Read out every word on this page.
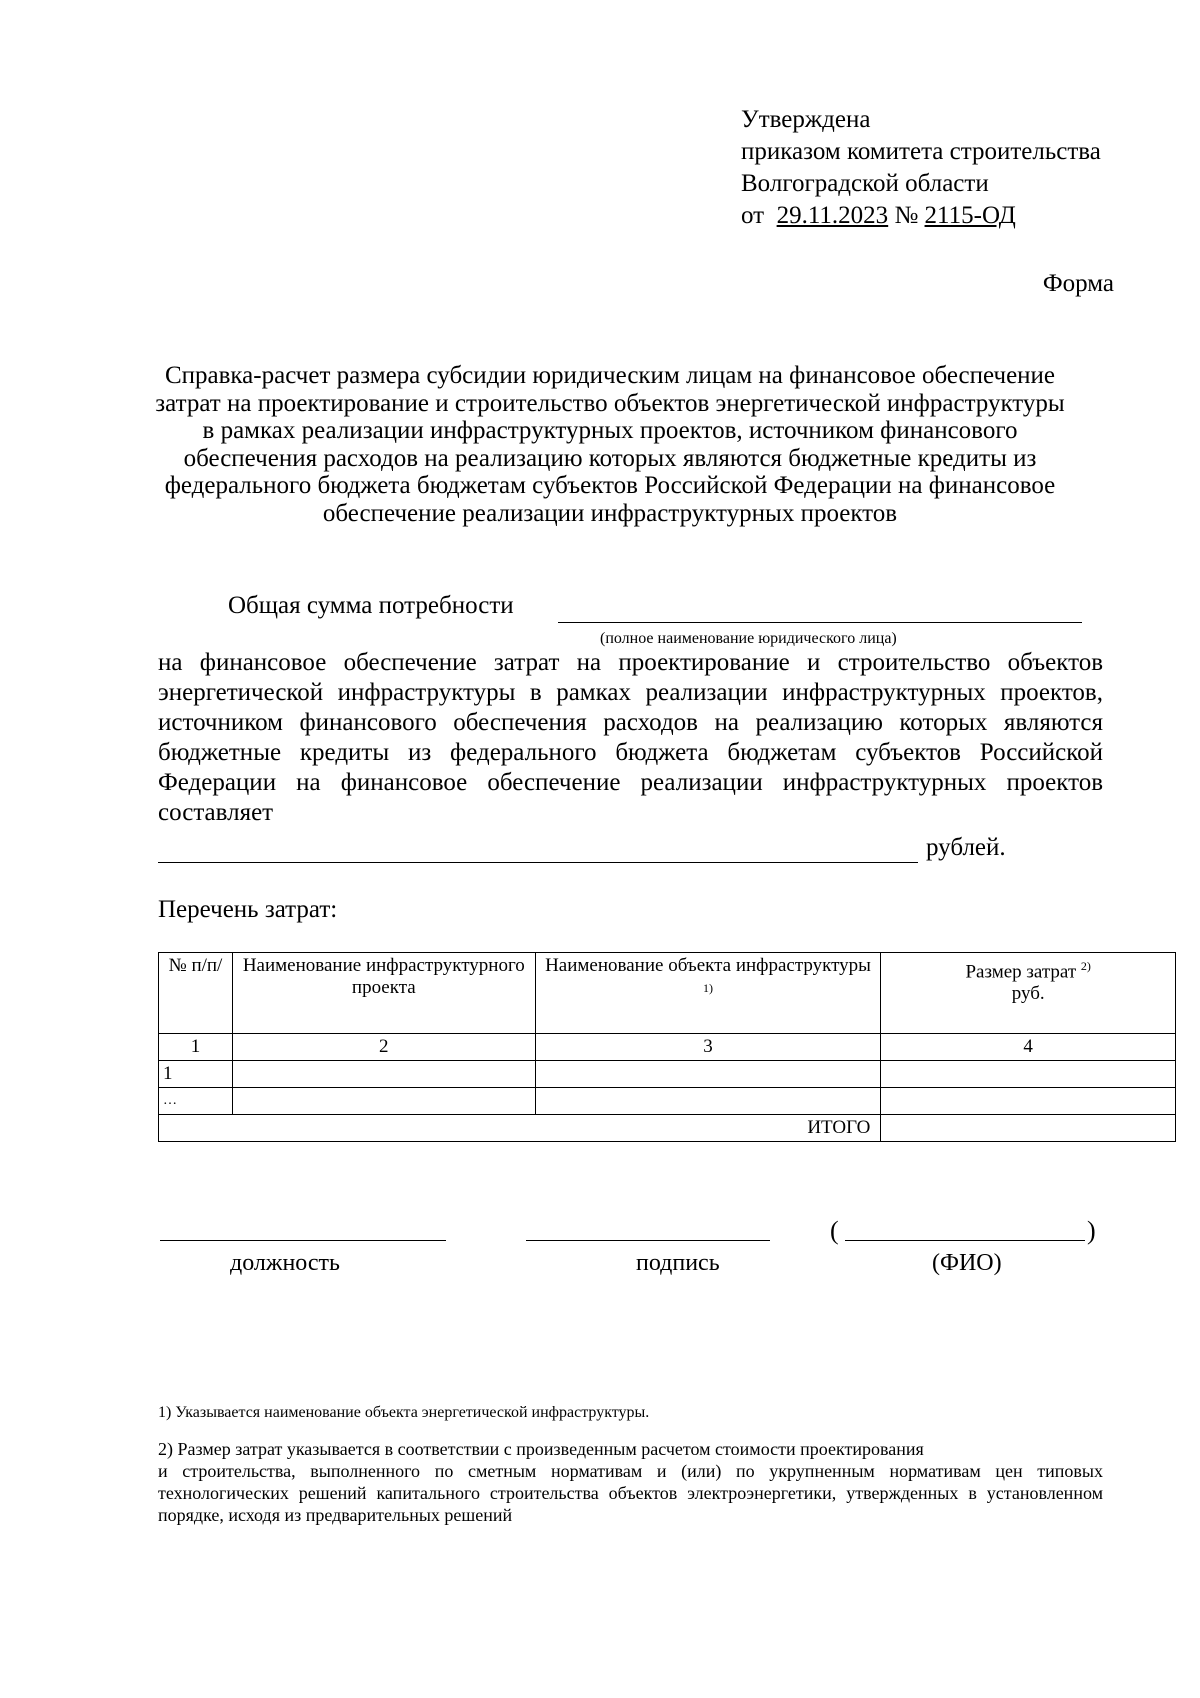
Утверждена
приказом комитета строительства
Волгоградской области
от 29.11.2023 № 2115-ОД
Форма
Справка-расчет размера субсидии юридическим лицам на финансовое обеспечение затрат на проектирование и строительство объектов энергетической инфраструктуры в рамках реализации инфраструктурных проектов, источником финансового обеспечения расходов на реализацию которых являются бюджетные кредиты из федерального бюджета бюджетам субъектов Российской Федерации на финансовое обеспечение реализации инфраструктурных проектов
Общая сумма потребности
(полное наименование юридического лица)
на финансовое обеспечение затрат на проектирование и строительство объектов энергетической инфраструктуры в рамках реализации инфраструктурных проектов, источником финансового обеспечения расходов на реализацию которых являются бюджетные кредиты из федерального бюджета бюджетам субъектов Российской Федерации на финансовое обеспечение реализации инфраструктурных проектов составляет
рублей.
Перечень затрат:
№ п/п/	Наименование инфраструктурного проекта	Наименование объекта инфраструктуры $^{1)}$	Размер затрат $^{2)}$
руб.
1	2	3	4
1			
…			
ИТОГО			
должность	подпись
(	)
(ФИО)
1) Указывается наименование объекта энергетической инфраструктуры.
2) Размер затрат указывается в соответствии с произведенным расчетом стоимости проектирования
и строительства, выполненного по сметным нормативам и (или) по укрупненным нормативам цен типовых технологических решений капитального строительства объектов электроэнергетики, утвержденных в установленном порядке, исходя из предварительных решений
